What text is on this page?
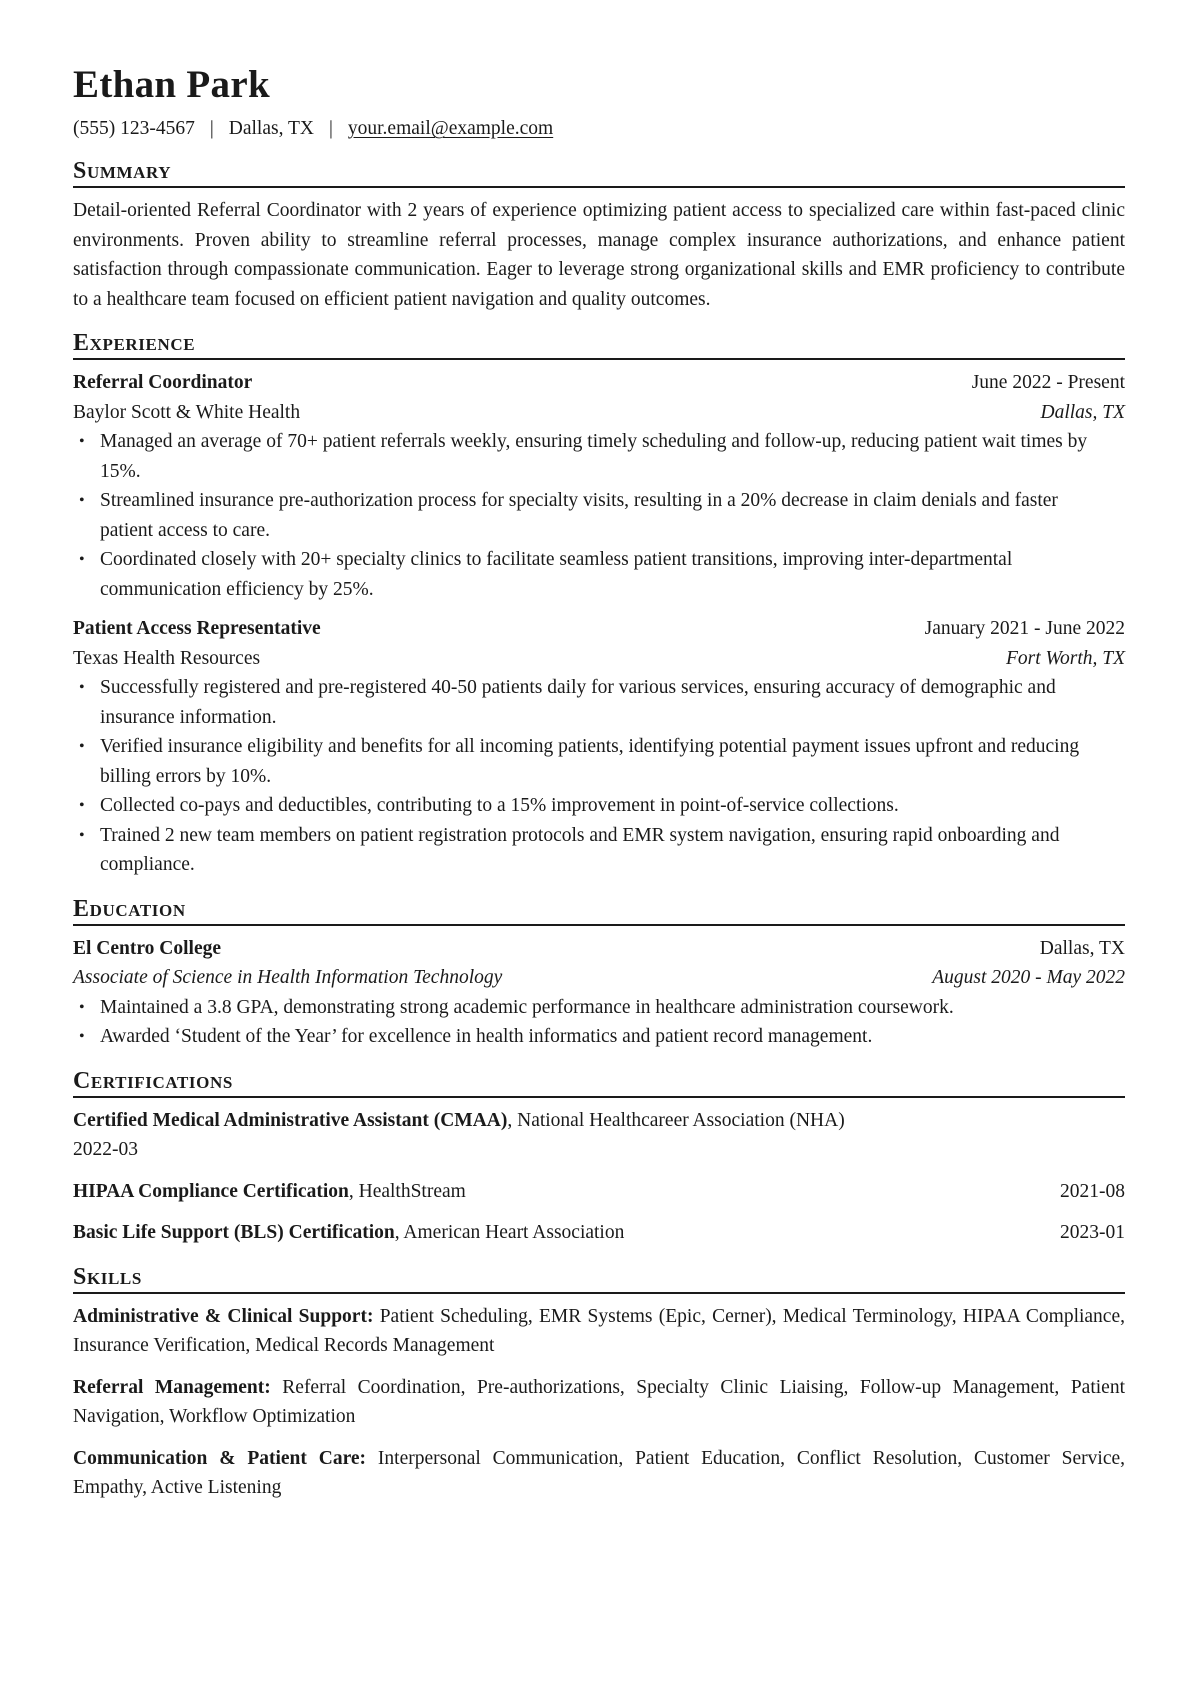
Ethan Park
(555) 123-4567 | Dallas, TX | your.email@example.com
Summary
Detail-oriented Referral Coordinator with 2 years of experience optimizing patient access to specialized care within fast-paced clinic environments. Proven ability to streamline referral processes, manage complex insurance authorizations, and enhance patient satisfaction through compassionate communication. Eager to leverage strong organizational skills and EMR proficiency to contribute to a healthcare team focused on efficient patient navigation and quality outcomes.
Experience
Referral Coordinator	June 2022 - Present
Baylor Scott & White Health	Dallas, TX
• Managed an average of 70+ patient referrals weekly, ensuring timely scheduling and follow-up, reducing patient wait times by 15%.
• Streamlined insurance pre-authorization process for specialty visits, resulting in a 20% decrease in claim denials and faster patient access to care.
• Coordinated closely with 20+ specialty clinics to facilitate seamless patient transitions, improving inter-departmental communication efficiency by 25%.
Patient Access Representative	January 2021 - June 2022
Texas Health Resources	Fort Worth, TX
• Successfully registered and pre-registered 40-50 patients daily for various services, ensuring accuracy of demographic and insurance information.
• Verified insurance eligibility and benefits for all incoming patients, identifying potential payment issues upfront and reducing billing errors by 10%.
• Collected co-pays and deductibles, contributing to a 15% improvement in point-of-service collections.
• Trained 2 new team members on patient registration protocols and EMR system navigation, ensuring rapid onboarding and compliance.
Education
El Centro College	Dallas, TX
Associate of Science in Health Information Technology	August 2020 - May 2022
• Maintained a 3.8 GPA, demonstrating strong academic performance in healthcare administration coursework.
• Awarded ‘Student of the Year’ for excellence in health informatics and patient record management.
Certifications
Certified Medical Administrative Assistant (CMAA), National Healthcareer Association (NHA)
2022-03
HIPAA Compliance Certification, HealthStream	2021-08
Basic Life Support (BLS) Certification, American Heart Association	2023-01
Skills
Administrative & Clinical Support: Patient Scheduling, EMR Systems (Epic, Cerner), Medical Terminology, HIPAA Compliance, Insurance Verification, Medical Records Management
Referral Management: Referral Coordination, Pre-authorizations, Specialty Clinic Liaising, Follow-up Management, Patient Navigation, Workflow Optimization
Communication & Patient Care: Interpersonal Communication, Patient Education, Conflict Resolution, Customer Service, Empathy, Active Listening
